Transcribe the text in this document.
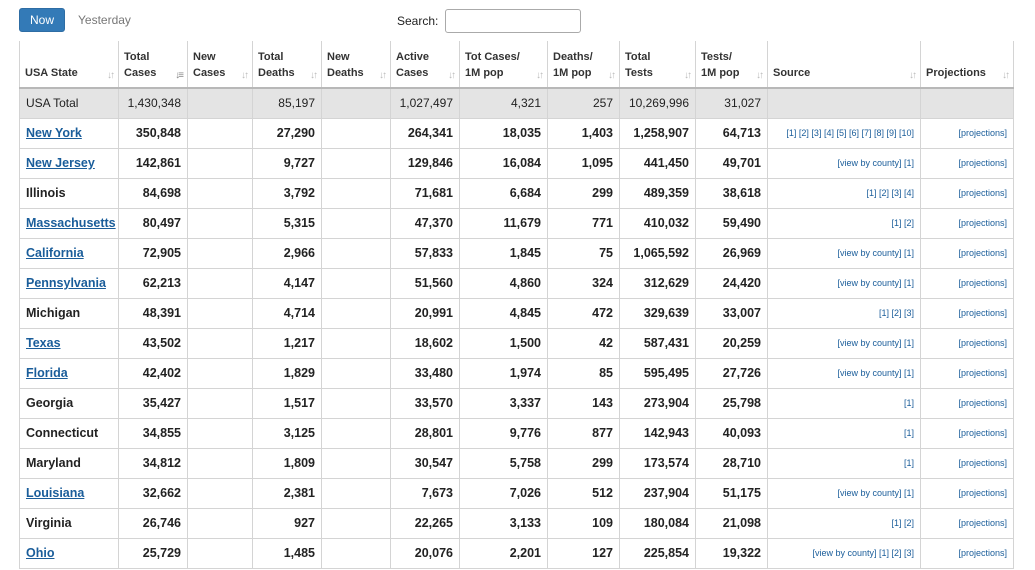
Now	Yesterday	Search:
USA State ↓↑	Total Cases ↓≡	New Cases ↓↑	Total Deaths ↓↑	New Deaths ↓↑	Active Cases ↓↑	Tot Cases/ 1M pop ↓↑	Deaths/ 1M pop ↓↑	Total Tests ↓↑	Tests/ 1M pop ↓↑	Source ↓↑	Projections ↓↑

USA Total	1,430,348		85,197		1,027,497	4,321	257	10,269,996	31,027		
New York	350,848		27,290		264,341	18,035	1,403	1,258,907	64,713	[1] [2] [3] [4] [5] [6] [7] [8] [9] [10]	[projections]
New Jersey	142,861		9,727		129,846	16,084	1,095	441,450	49,701	[view by county] [1]	[projections]
Illinois	84,698		3,792		71,681	6,684	299	489,359	38,618	[1] [2] [3] [4]	[projections]
Massachusetts	80,497		5,315		47,370	11,679	771	410,032	59,490	[1] [2]	[projections]
California	72,905		2,966		57,833	1,845	75	1,065,592	26,969	[view by county] [1]	[projections]
Pennsylvania	62,213		4,147		51,560	4,860	324	312,629	24,420	[view by county] [1]	[projections]
Michigan	48,391		4,714		20,991	4,845	472	329,639	33,007	[1] [2] [3]	[projections]
Texas	43,502		1,217		18,602	1,500	42	587,431	20,259	[view by county] [1]	[projections]
Florida	42,402		1,829		33,480	1,974	85	595,495	27,726	[view by county] [1]	[projections]
Georgia	35,427		1,517		33,570	3,337	143	273,904	25,798	[1]	[projections]
Connecticut	34,855		3,125		28,801	9,776	877	142,943	40,093	[1]	[projections]
Maryland	34,812		1,809		30,547	5,758	299	173,574	28,710	[1]	[projections]
Louisiana	32,662		2,381		7,673	7,026	512	237,904	51,175	[view by county] [1]	[projections]
Virginia	26,746		927		22,265	3,133	109	180,084	21,098	[1] [2]	[projections]
Ohio	25,729		1,485		20,076	2,201	127	225,854	19,322	[view by county] [1] [2] [3]	[projections]
